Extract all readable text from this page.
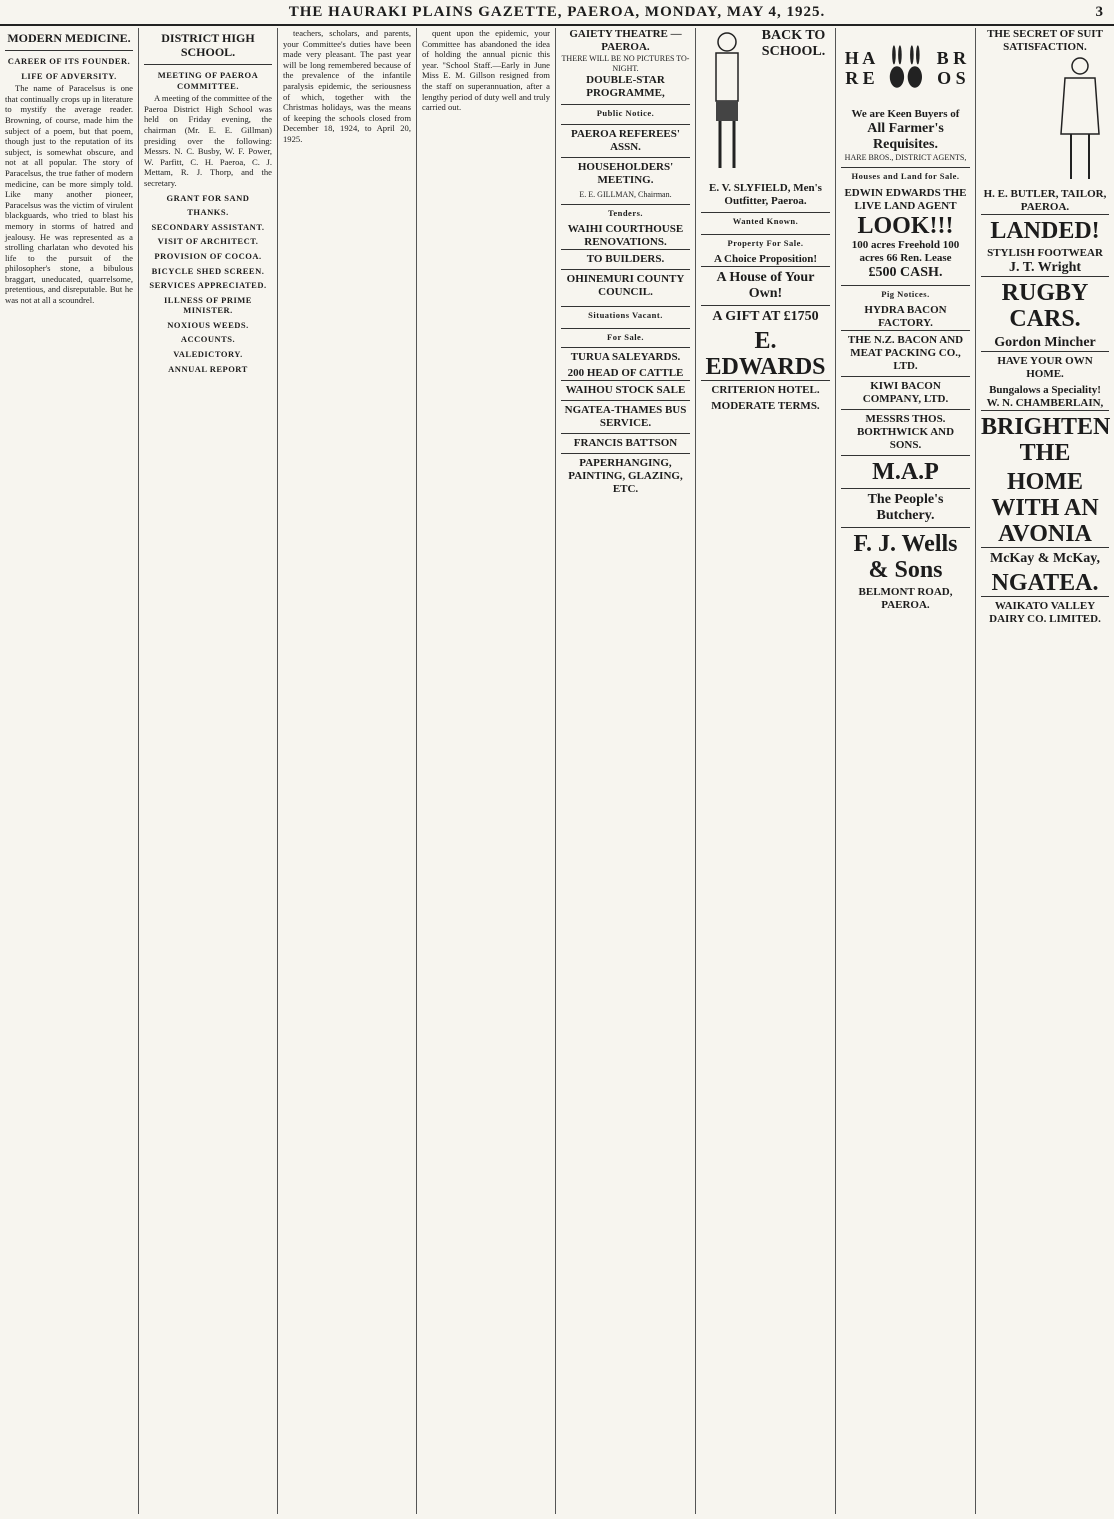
THE HAURAKI PLAINS GAZETTE, PAEROA, MONDAY, MAY 4, 1925.	3
MODERN MEDICINE.
CAREER OF ITS FOUNDER.
LIFE OF ADVERSITY.

The name of Paracelsus is one that continually crops up in literature to mystify the average reader. Browning, of course, made him the subject of a poem, but that poem, though just to the reputation of its subject, is somewhat obscure, and not at all popular. The story of Paracelsus, the true father of modern medicine, can be more simply told. Like many another pioneer, Paracelsus was the victim of virulent blackguards, who tried to blast his memory in storms of hatred and jealousy. He was represented as a strolling charlatan who devoted his life to the pursuit of the philosopher's stone, a bibulous braggart, uneducated, quarrelsome, pretentious, and disreputable. But he was not at all a scoundrel.

DISTRICT HIGH SCHOOL.
MEETING OF PAEROA COMMITTEE.

A meeting of the committee of the Paeroa District High School was held on Friday evening, the chairman (Mr. E. E. Gillman) presiding over the following: Messrs. N. C. Busby, W. F. Power, W. Parfitt, C. H. Paeroa, C. J. Mettam, R. J. Thorp, and the secretary.

GRANT FOR SAND
THANKS.
SECONDARY ASSISTANT.
VISIT OF ARCHITECT.
PROVISION OF COCOA.
BICYCLE SHED SCREEN.
SERVICES APPRECIATED.
ILLNESS OF PRIME MINISTER.
NOXIOUS WEEDS.
ACCOUNTS.
VALEDICTORY.
ANNUAL REPORT

teachers, scholars, and parents, your Committee's duties have been made very pleasant. The past year will be long remembered because of the prevalence of the infantile paralysis epidemic, the seriousness of which, together with the Christmas holidays, was the means of keeping the schools closed from December 18, 1924, to April 20, 1925.

quent upon the epidemic, your Committee has abandoned the idea of holding the annual picnic this year. "School Staff.—Early in June Miss E. M. Gillson resigned from the staff on superannuation, after a lengthy period of duty well and truly carried out.

GAIETY THEATRE — PAEROA.
THERE WILL BE NO PICTURES TO-NIGHT.
DOUBLE-STAR PROGRAMME,
Public Notice.
PAEROA REFEREES' ASSN.
HOUSEHOLDERS' MEETING.
E. E. GILLMAN, Chairman.
Tenders.
WAIHI COURTHOUSE RENOVATIONS.
TO BUILDERS.
OHINEMURI COUNTY COUNCIL.
Situations Vacant.
For Sale.
TURUA SALEYARDS.
200 HEAD OF CATTLE
WAIHOU STOCK SALE
NGATEA-THAMES BUS SERVICE.
FRANCIS BATTSON
PAPERHANGING, PAINTING, GLAZING, ETC.
BACK TO SCHOOL.
E. V. SLYFIELD, Men's Outfitter, Paeroa.
Wanted Known.
Property For Sale.
A Choice Proposition!
A House of Your Own!
A GIFT AT £1750
E. EDWARDS
CRITERION HOTEL.
MODERATE TERMS.
H A R E
B R O S
We are Keen Buyers of
All Farmer's Requisites.
HARE BROS., DISTRICT AGENTS,
Houses and Land for Sale.
EDWIN EDWARDS THE LIVE LAND AGENT
LOOK!!!
100 acres Freehold 100 acres 66 Ren. Lease
£500 CASH.
Pig Notices.
HYDRA BACON FACTORY.
THE N.Z. BACON AND MEAT PACKING CO., LTD.
KIWI BACON COMPANY, LTD.
MESSRS THOS. BORTHWICK AND SONS.
M.A.P
The People's Butchery.
F. J. Wells & Sons
BELMONT ROAD, PAEROA.
THE SECRET OF SUIT SATISFACTION.
H. E. BUTLER, TAILOR, PAEROA.
LANDED!
STYLISH FOOTWEAR
J. T. Wright
RUGBY CARS.
Gordon Mincher
HAVE YOUR OWN HOME.
Bungalows a Speciality!
W. N. CHAMBERLAIN,
BRIGHTEN THE
HOME
WITH AN AVONIA
McKay & McKay,
NGATEA.
WAIKATO VALLEY DAIRY CO. LIMITED.
